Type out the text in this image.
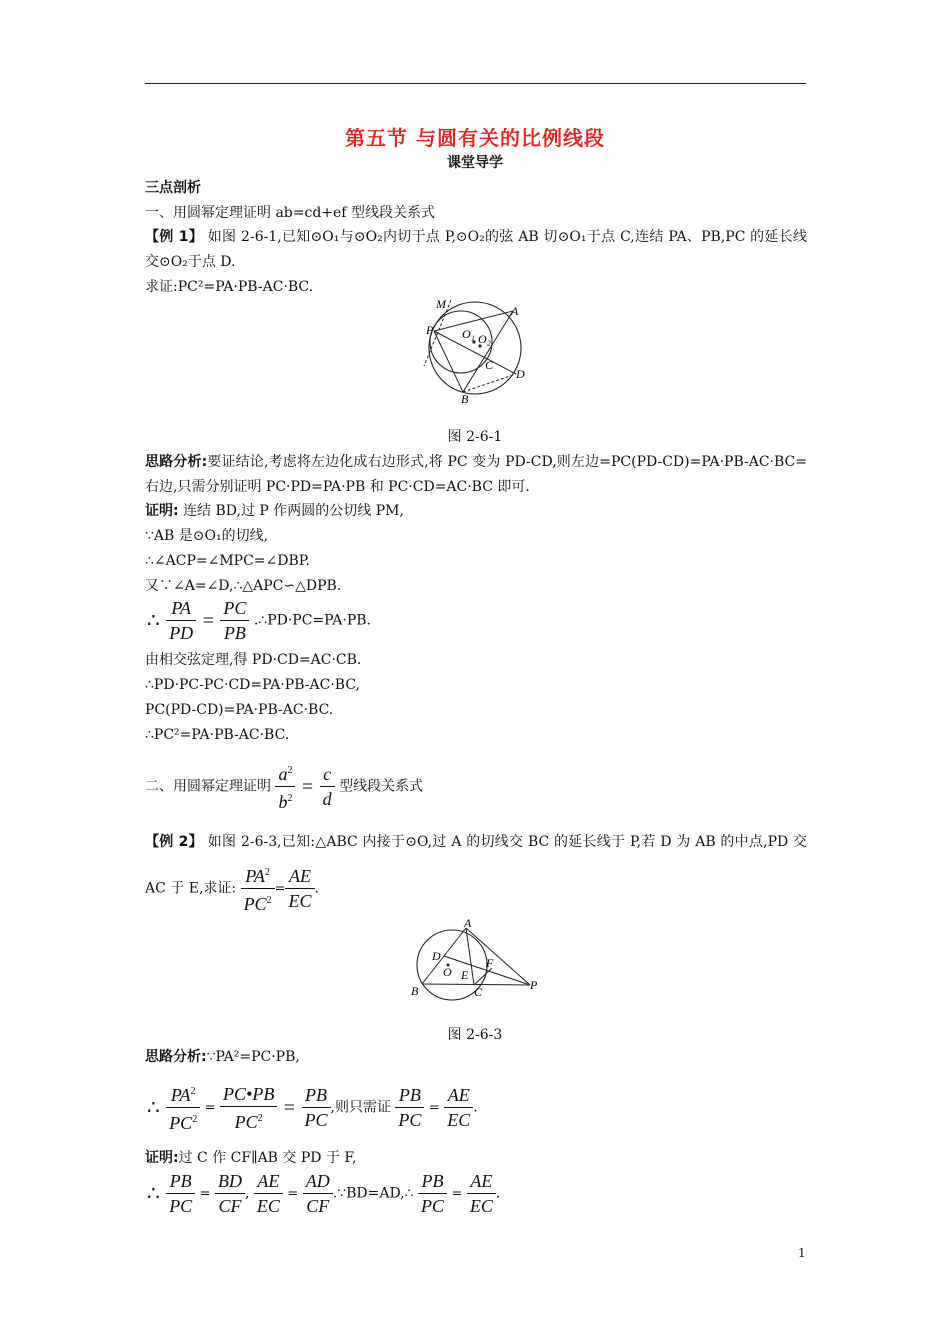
第五节 与圆有关的比例线段
课堂导学
三点剖析
一、用圆幂定理证明 ab=cd+ef 型线段关系式
【例 1】 如图 2-6-1,已知⊙O₁与⊙O₂内切于点 P,⊙O₂的弦 AB 切⊙O₁于点 C,连结 PA、PB,PC 的延长线交⊙O₂于点 D.
求证:PC²=PA·PB-AC·BC.
M
P
A
O₁ O₂
C
D
B
图 2-6-1
思路分析:要证结论,考虑将左边化成右边形式,将 PC 变为 PD-CD,则左边=PC(PD-CD)=PA·PB-AC·BC=右边,只需分别证明 PC·PD=PA·PB 和 PC·CD=AC·BC 即可.
证明: 连结 BD,过 P 作两圆的公切线 PM,
∵AB 是⊙O₁的切线,
∴∠ACP=∠MPC=∠DBP.
又∵∠A=∠D,∴△APC∽△DPB.
∴ $\frac{PA}{PD} = \frac{PC}{PB}$ .∴PD·PC=PA·PB.
由相交弦定理,得 PD·CD=AC·CB.
∴PD·PC-PC·CD=PA·PB-AC·BC,
PC(PD-CD)=PA·PB-AC·BC.
∴PC²=PA·PB-AC·BC.
二、用圆幂定理证明 $\frac{a^2}{b^2} = \frac{c}{d}$ 型线段关系式
【例 2】 如图 2-6-3,已知:△ABC 内接于⊙O,过 A 的切线交 BC 的延长线于 P,若 D 为 AB 的中点,PD 交 AC 于 E,求证: $\frac{PA^2}{PC^2} = \frac{AE}{EC}$ .
A
D
O
F
E
B	C	P
图 2-6-3
思路分析:∵PA²=PC·PB,
∴ $\frac{PA^2}{PC^2} = \frac{PC•PB}{PC^2} = \frac{PB}{PC}$ ,则只需证 $\frac{PB}{PC} = \frac{AE}{EC}$ .
证明:过 C 作 CF∥AB 交 PD 于 F,
∴ $\frac{PB}{PC} = \frac{BD}{CF}$ , $\frac{AE}{EC} = \frac{AD}{CF}$ .∵BD=AD,∴ $\frac{PB}{PC} = \frac{AE}{EC}$ .
1
